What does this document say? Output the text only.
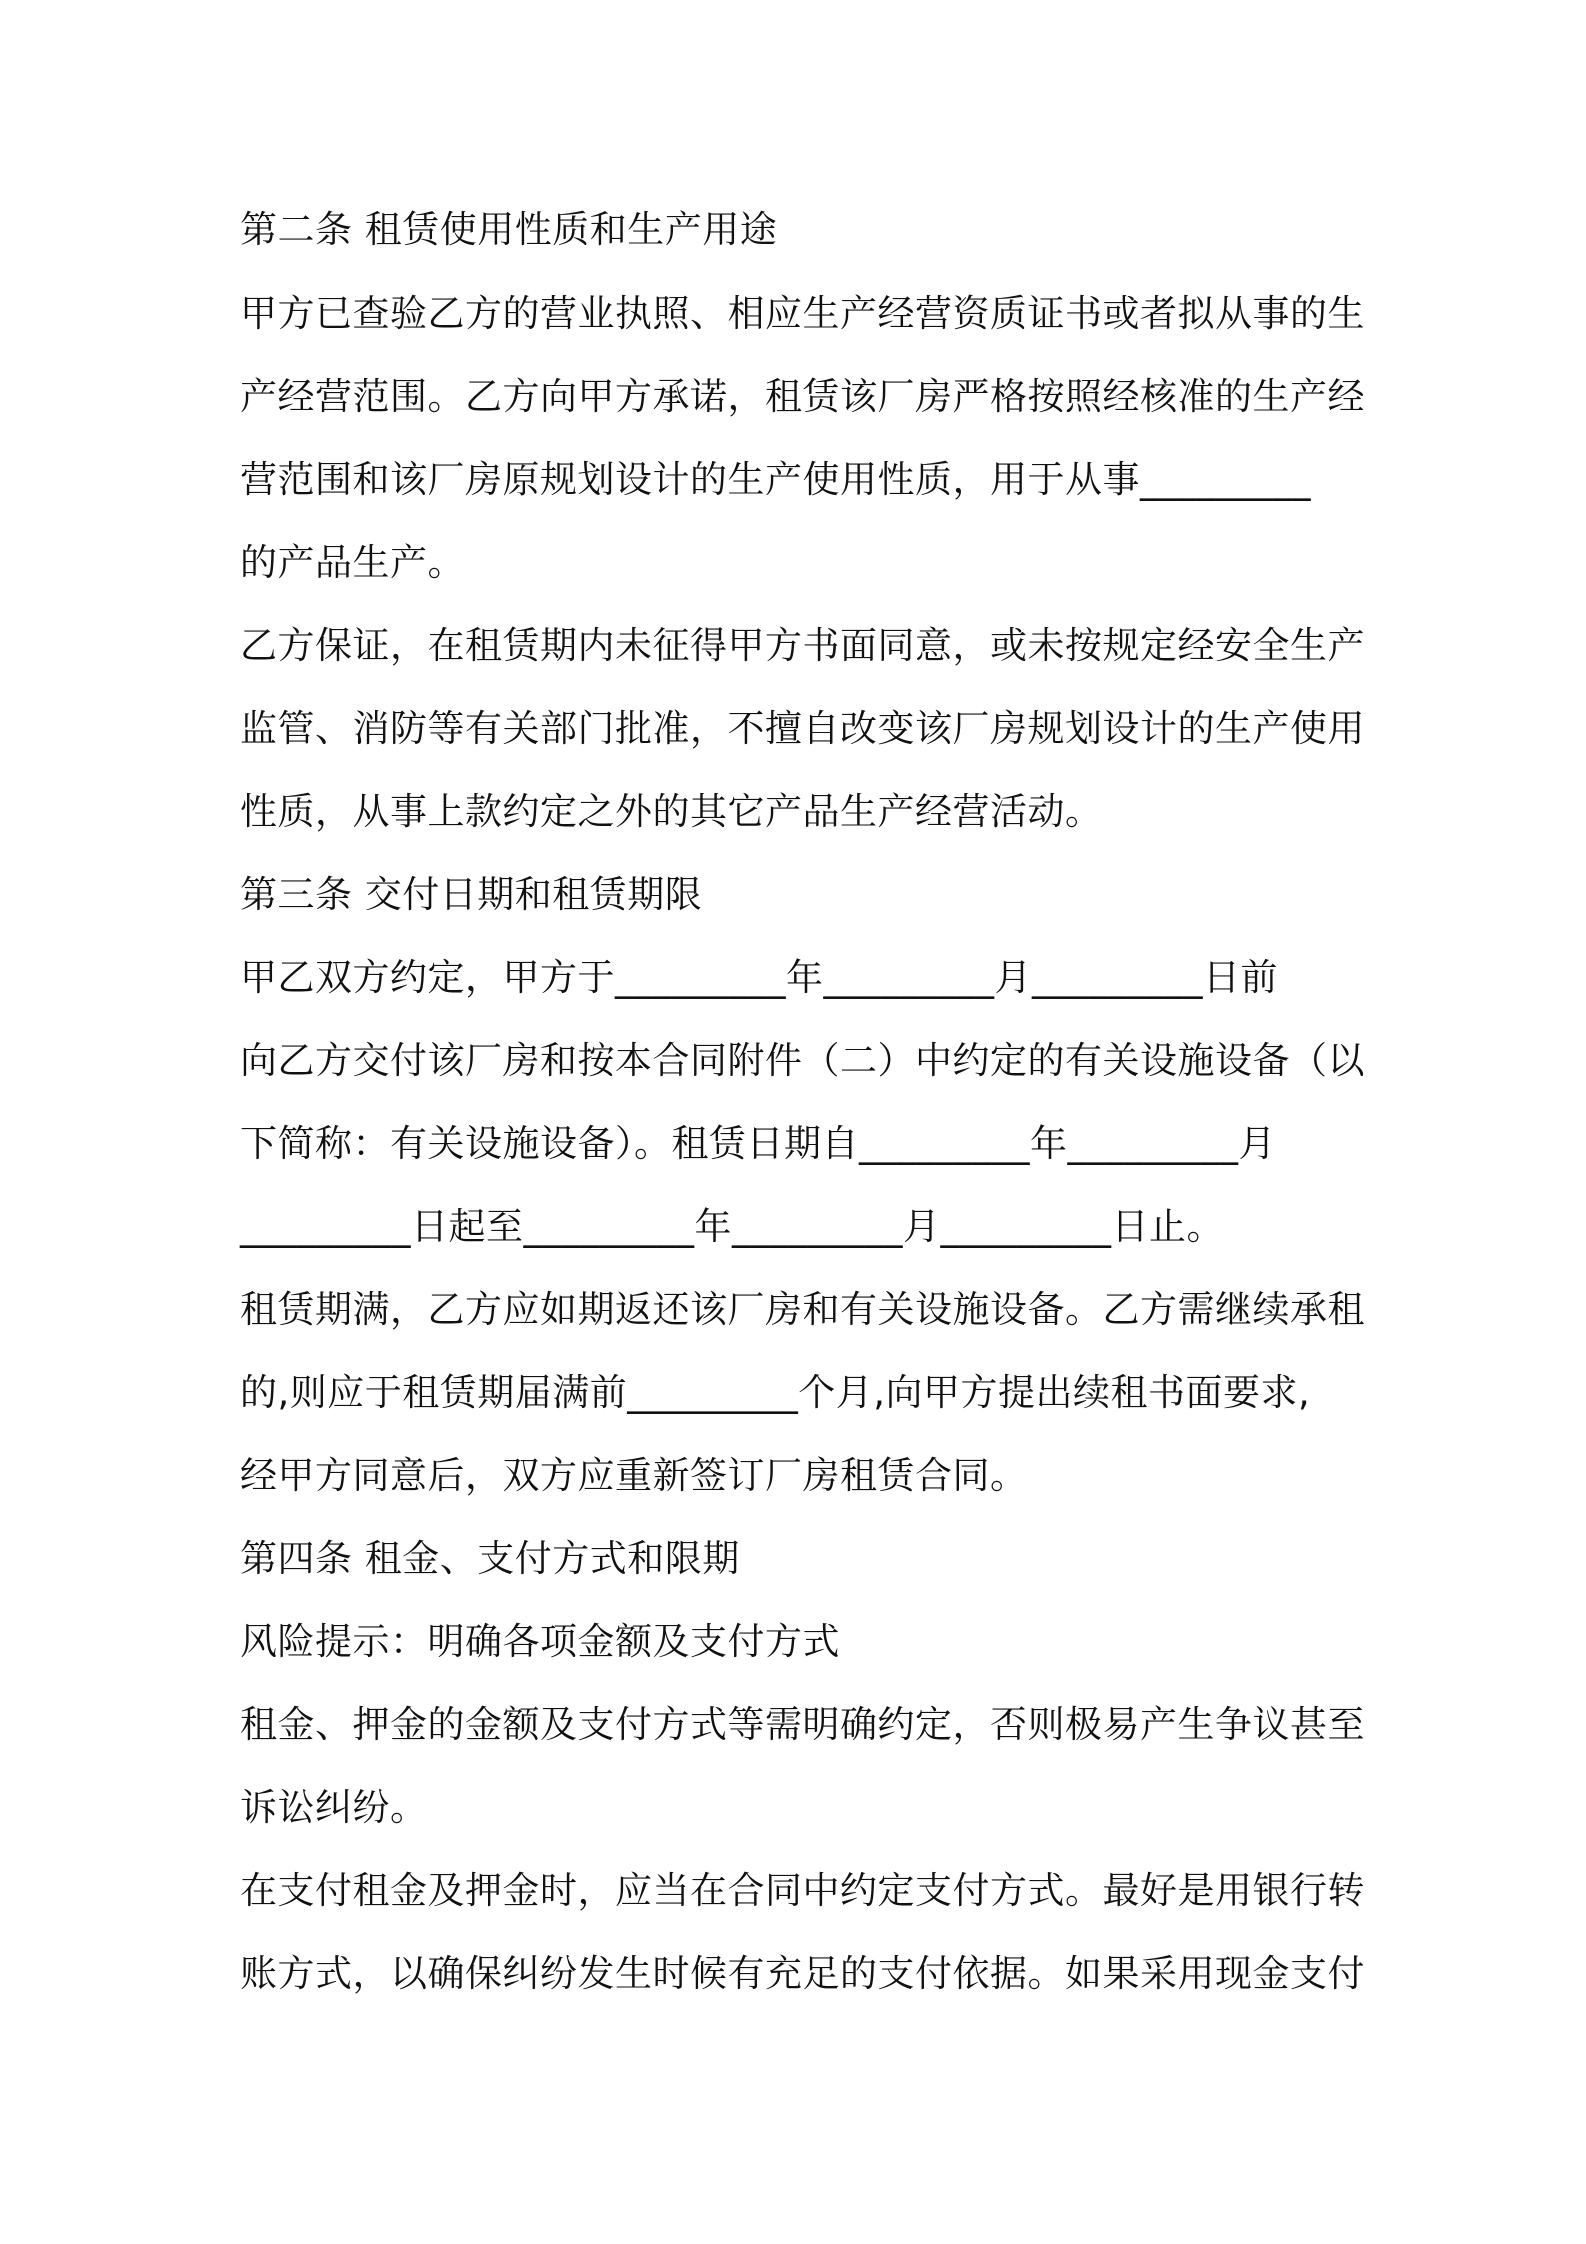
第二条 租赁使用性质和生产用途

甲方已查验乙方的营业执照、相应生产经营资质证书或者拟从事的生

产经营范围。乙方向甲方承诺，租赁该厂房严格按照经核准的生产经

营范围和该厂房原规划设计的生产使用性质，用于从事_________

的产品生产。

乙方保证，在租赁期内未征得甲方书面同意，或未按规定经安全生产

监管、消防等有关部门批准，不擅自改变该厂房规划设计的生产使用

性质，从事上款约定之外的其它产品生产经营活动。

第三条 交付日期和租赁期限

甲乙双方约定，甲方于_________年_________月_________日前

向乙方交付该厂房和按本合同附件（二）中约定的有关设施设备（以

下简称：有关设施设备）。租赁日期自_________年_________月

_________日起至_________年_________月_________日止。

租赁期满，乙方应如期返还该厂房和有关设施设备。乙方需继续承租

的,则应于租赁期届满前_________个月,向甲方提出续租书面要求,

经甲方同意后，双方应重新签订厂房租赁合同。

第四条 租金、支付方式和限期

风险提示：明确各项金额及支付方式

租金、押金的金额及支付方式等需明确约定，否则极易产生争议甚至

诉讼纠纷。

在支付租金及押金时，应当在合同中约定支付方式。最好是用银行转

账方式，以确保纠纷发生时候有充足的支付依据。如果采用现金支付
